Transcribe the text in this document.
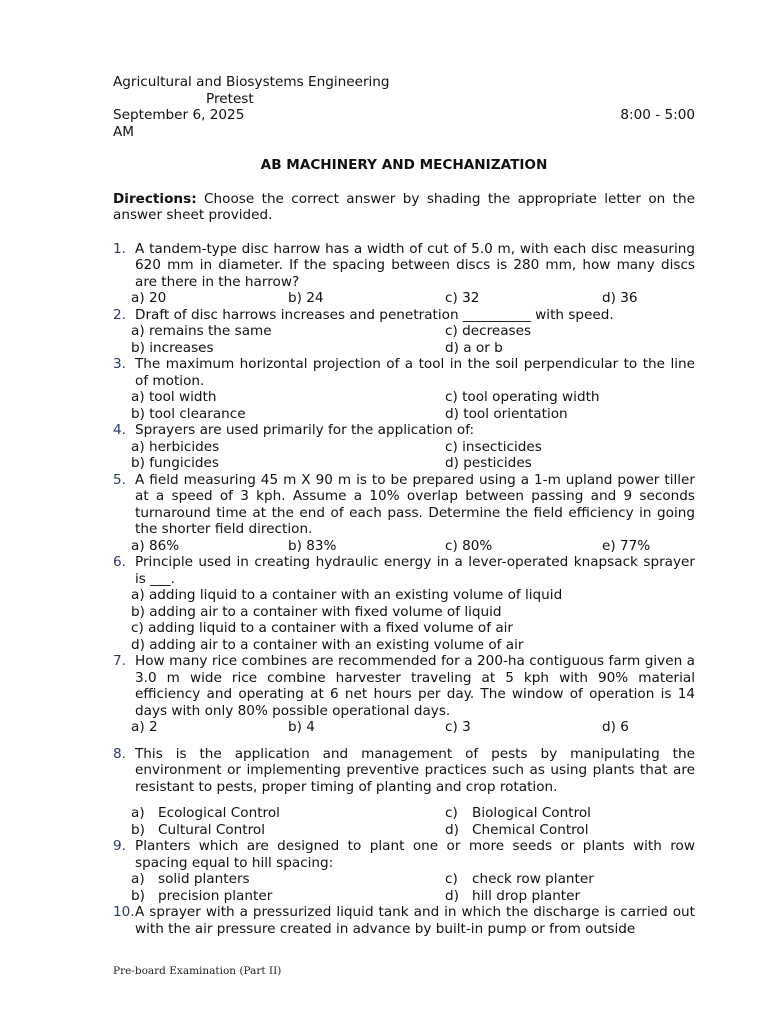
Agricultural and Biosystems Engineering
Pretest
September 6, 2025	8:00 - 5:00
AM
AB MACHINERY AND MECHANIZATION
Directions: Choose the correct answer by shading the appropriate letter on the answer sheet provided.
1. A tandem-type disc harrow has a width of cut of 5.0 m, with each disc measuring 620 mm in diameter. If the spacing between discs is 280 mm, how many discs are there in the harrow?
a) 20	b) 24	c) 32	d) 36
2. Draft of disc harrows increases and penetration __________ with speed.
a) remains the same	c) decreases
b) increases	d) a or b
3. The maximum horizontal projection of a tool in the soil perpendicular to the line of motion.
a) tool width	c) tool operating width
b) tool clearance	d) tool orientation
4. Sprayers are used primarily for the application of:
a) herbicides	c) insecticides
b) fungicides	d) pesticides
5. A field measuring 45 m X 90 m is to be prepared using a 1-m upland power tiller at a speed of 3 kph. Assume a 10% overlap between passing and 9 seconds turnaround time at the end of each pass. Determine the field efficiency in going the shorter field direction.
a) 86%	b) 83%	c) 80%	e) 77%
6. Principle used in creating hydraulic energy in a lever-operated knapsack sprayer is ___.
a) adding liquid to a container with an existing volume of liquid
b) adding air to a container with fixed volume of liquid
c) adding liquid to a container with a fixed volume of air
d) adding air to a container with an existing volume of air
7. How many rice combines are recommended for a 200-ha contiguous farm given a 3.0 m wide rice combine harvester traveling at 5 kph with 90% material efficiency and operating at 6 net hours per day. The window of operation is 14 days with only 80% possible operational days.
a) 2	b) 4	c) 3	d) 6
8. This is the application and management of pests by manipulating the environment or implementing preventive practices such as using plants that are resistant to pests, proper timing of planting and crop rotation.
a) Ecological Control	c)	Biological Control
b) Cultural Control	d) Chemical Control
9. Planters which are designed to plant one or more seeds or plants with row spacing equal to hill spacing:
a) solid planters	c)	check row planter
b) precision planter	d) hill drop planter
10. A sprayer with a pressurized liquid tank and in which the discharge is carried out with the air pressure created in advance by built-in pump or from outside
Pre-board Examination (Part II)
